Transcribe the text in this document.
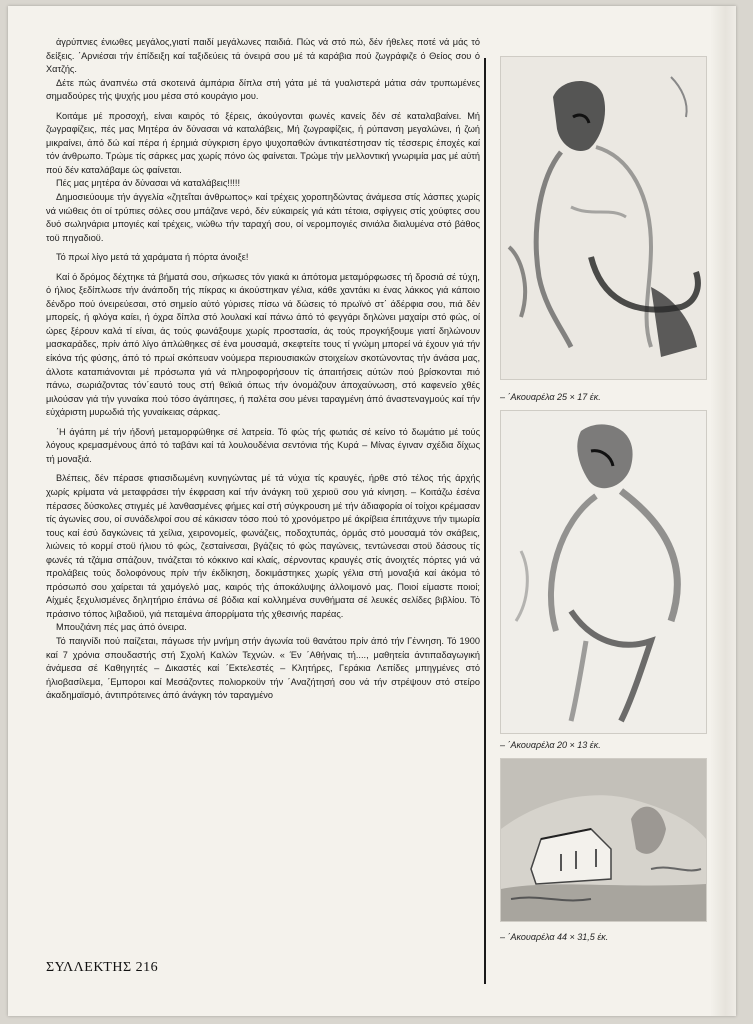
άγρύπνιες ένιωθες μεγάλος,γιατί παιδί μεγάλωνες παιδιά. Πώς νά στό πώ, δέν ήθελες ποτέ νά μάς τό δείξεις. ΄Αρνιέσαι τήν έπίδειξη καί ταξιδεύεις τά όνειρά σου μέ τά καράβια πού ζωγράφιζε ό Θείος σου ό Χατζής.

Δέτε πώς άναπνέω στά σκοτεινά άμπάρια δίπλα στή γάτα μέ τά γυαλιστερά μάτια σάν τρυπωμένες σημαδούρες τής ψυχής μου μέσα στό κουράγιο μου.

Κοιτάμε μέ προσοχή, είναι καιρός τό ξέρεις, άκούγονται φωνές κανείς δέν σέ καταλαβαίνει. Μή ζωγραφίζεις, πές μας Μητέρα άν δύνασαι νά καταλάβεις, Μή ζωγραφίζεις, ή ρύπανση μεγαλώνει, ή ζωή μικραίνει, άπό δώ καί πέρα ή έρημιά σύγκριση έργο ψυχοπαθών άντικατέστησαν τίς τέσσερις έποχές καί τόν άνθρωπο. Τρώμε τίς σάρκες μας χωρίς πόνο ώς φαίνεται. Τρώμε τήν μελλοντική γνωριμία μας μέ αύτή πού δέν καταλάβαμε ώς φαίνεται.

Πές μας μητέρα άν δύνασαι νά καταλάβεις!!!!!

Δημοσιεύουμε τήν άγγελία «ζητεΐται άνθρωπος» καί τρέχεις χοροπηδώντας άνάμεσα στίς λάσπες χωρίς νά νιώθεις ότι οί τρύπιες σόλες σου μπάζανε νερό, δέν εύκαιρείς γιά κάτι τέτοια, σφίγγεις στίς χούφτες σου δυό σωληνάρια μπογιές καί τρέχεις, νιώθω τήν ταραχή σου, οί νερομπογιές σινιάλα διαλυμένα στό βάθος τοϋ πηγαδιοϋ.

Τό πρωί λίγο μετά τά χαράματα ή πόρτα άνοιξε!

Καί ό δρόμος δέχτηκε τά βήματά σου, σήκωσες τόν γιακά κι άπότομα μεταμόρφωσες τή δροσιά σέ τύχη, ό ήλιος ξεδίπλωσε τήν άνάποδη τής πίκρας κι άκούστηκαν γέλια, κάθε χαντάκι κι ένας λάκκος γιά κάποιο δένδρο πού όνειρεύεσαι, στό σημείο αύτό γύρισες πίσω νά δώσεις τό πρωϊνό στ΄ άδέρφια σου, πιά δέν μπορείς, ή φλόγα καίει, ή όχρα δίπλα στό λουλακί καί πάνω άπό τό φεγγάρι δηλώνει μαχαίρι στό φώς, οί ώρες ξέρουν καλά τί είναι, άς τούς φωνάξουμε χωρίς προστασία, άς τούς προγκήξουμε γιατί δηλώνουν μασκαράδες, πρίν άπό λίγο άπλώθηκες σέ ένα μουσαμά, σκεφτείτε τους τί γνώμη μπορεί νά έχουν γιά τήν είκόνα τής φύσης, άπό τό πρωί σκόπευαν νούμερα περιουσιακών στοιχείων σκοτώνοντας τήν άνάσα μας, άλλοτε καταπιάνονται μέ πρόσωπα γιά νά πληροφορήσουν τίς άπαιτήσεις αύτών πού βρίσκονται πιό πάνω, σωριάζοντας τόν΄εαυτό τους στή θεϊκιά όπως τήν όνομάζουν άποχαύνωση, στό καφενείο χθές μιλούσαν γιά τήν γυναίκα πού τόσο άγάπησες, ή παλέτα σου μένει ταραγμένη άπό άναστεναγμούς καί τήν εύχάριστη μυρωδιά τής γυναίκειας σάρκας.

΄Η άγάπη μέ τήν ήδονή μεταμορφώθηκε σέ λατρεία. Τό φώς τής φωτιάς σέ κείνο τό δωμάτιο μέ τούς λόγους κρεμασμένους άπό τό ταβάνι καί τά λουλουδένια σεντόνια τής Κυρά – Μίνας έγιναν σχέδια δίχως τή μοναξιά.

Βλέπεις, δέν πέρασε φτιασιδωμένη κυνηγώντας μέ τά νύχια τίς κραυγές, ήρθε στό τέλος τής άρχής χωρίς κρίματα νά μεταφράσει τήν έκφραση καί τήν άνάγκη τοϋ χεριοϋ σου γιά κίνηση. – Κοιτάζω έσένα πέρασες δύσκολες στιγμές μέ λανθασμένες φήμες καί στή σύγκρουση μέ τήν άδιαφορία οί τοίχοι κρέμασαν τίς άγωνίες σου, οί συνάδελφοί σου σέ κάκισαν τόσο πού τό χρονόμετρο μέ άκρίβεια έπιτάχυνε τήν τιμωρία τους καί έσύ δαγκώνεις τά χείλια, χειρονομείς, φωνάζεις, ποδοχτυπάς, όρμάς στό μουσαμά τόν σκάβεις, λιώνεις τό κορμί στοϋ ήλιου τό φώς, ζεσταίνεσαι, βγάζεις τό φώς παγώνεις, τεντώνεσαι στοϋ δάσους τίς φωνές τά τζάμια σπάζουν, τινάζεται τό κόκκινο καί κλαίς, σέρνοντας κραυγές στίς άνοιχτές πόρτες γιά νά προλάβεις τούς δολοφόνους πρίν τήν έκδίκηση, δοκιμάστηκες χωρίς γέλια στή μοναξιά καί άκόμα τό πρόσωπό σου χαίρεται τά χαμόγελό μας, καιρός τής άποκάλυψης άλλοιμονό μας. Ποιοί είμαστε ποιοί; Αίχμές ξεχυλισμένες δηλητήριο έπάνω σέ βόδια καί κολλημένα συνθήματα σέ λευκές σελίδες βιβλίου. Τό πράσινο τόπος λιβαδιοϋ, γιά πεταμένα άπορρίματα τής χθεσινής παρέας.

Μπουζιάνη πές μας άπό όνειρα.

Τό παιγνίδι πού παίζεται, πάγωσε τήν μνήμη στήν άγωνία τοϋ θανάτου πρίν άπό τήν Γέννηση. Τό 1900 καί 7 χρόνια σπουδαστής στή Σχολή Καλών Τεχνών. « Έν ΄Αθήναις τή...., μαθητεία άντιπαδαγωγική άνάμεσα σέ Καθηγητές – Δικαστές καί ΄Εκτελεστές – Κλητήρες, Γεράκια Λεπίδες μπηγμένες στό ήλιοβασίλεμα, ΄Εμποροι καί Μεσάζοντες πολιορκοϋν τήν ΄Αναζήτησή σου νά τήν στρέψουν στό στείρο άκαδημαϊσμό, άντιπρότεινες άπό άνάγκη τόν ταραγμένο

– ΄Ακουαρέλα 25 × 17 έκ.
– ΄Ακουαρέλα 20 × 13 έκ.
– ΄Ακουαρέλα 44 × 31,5 έκ.
ΣΥΛΛΕΚΤΗΣ 216
